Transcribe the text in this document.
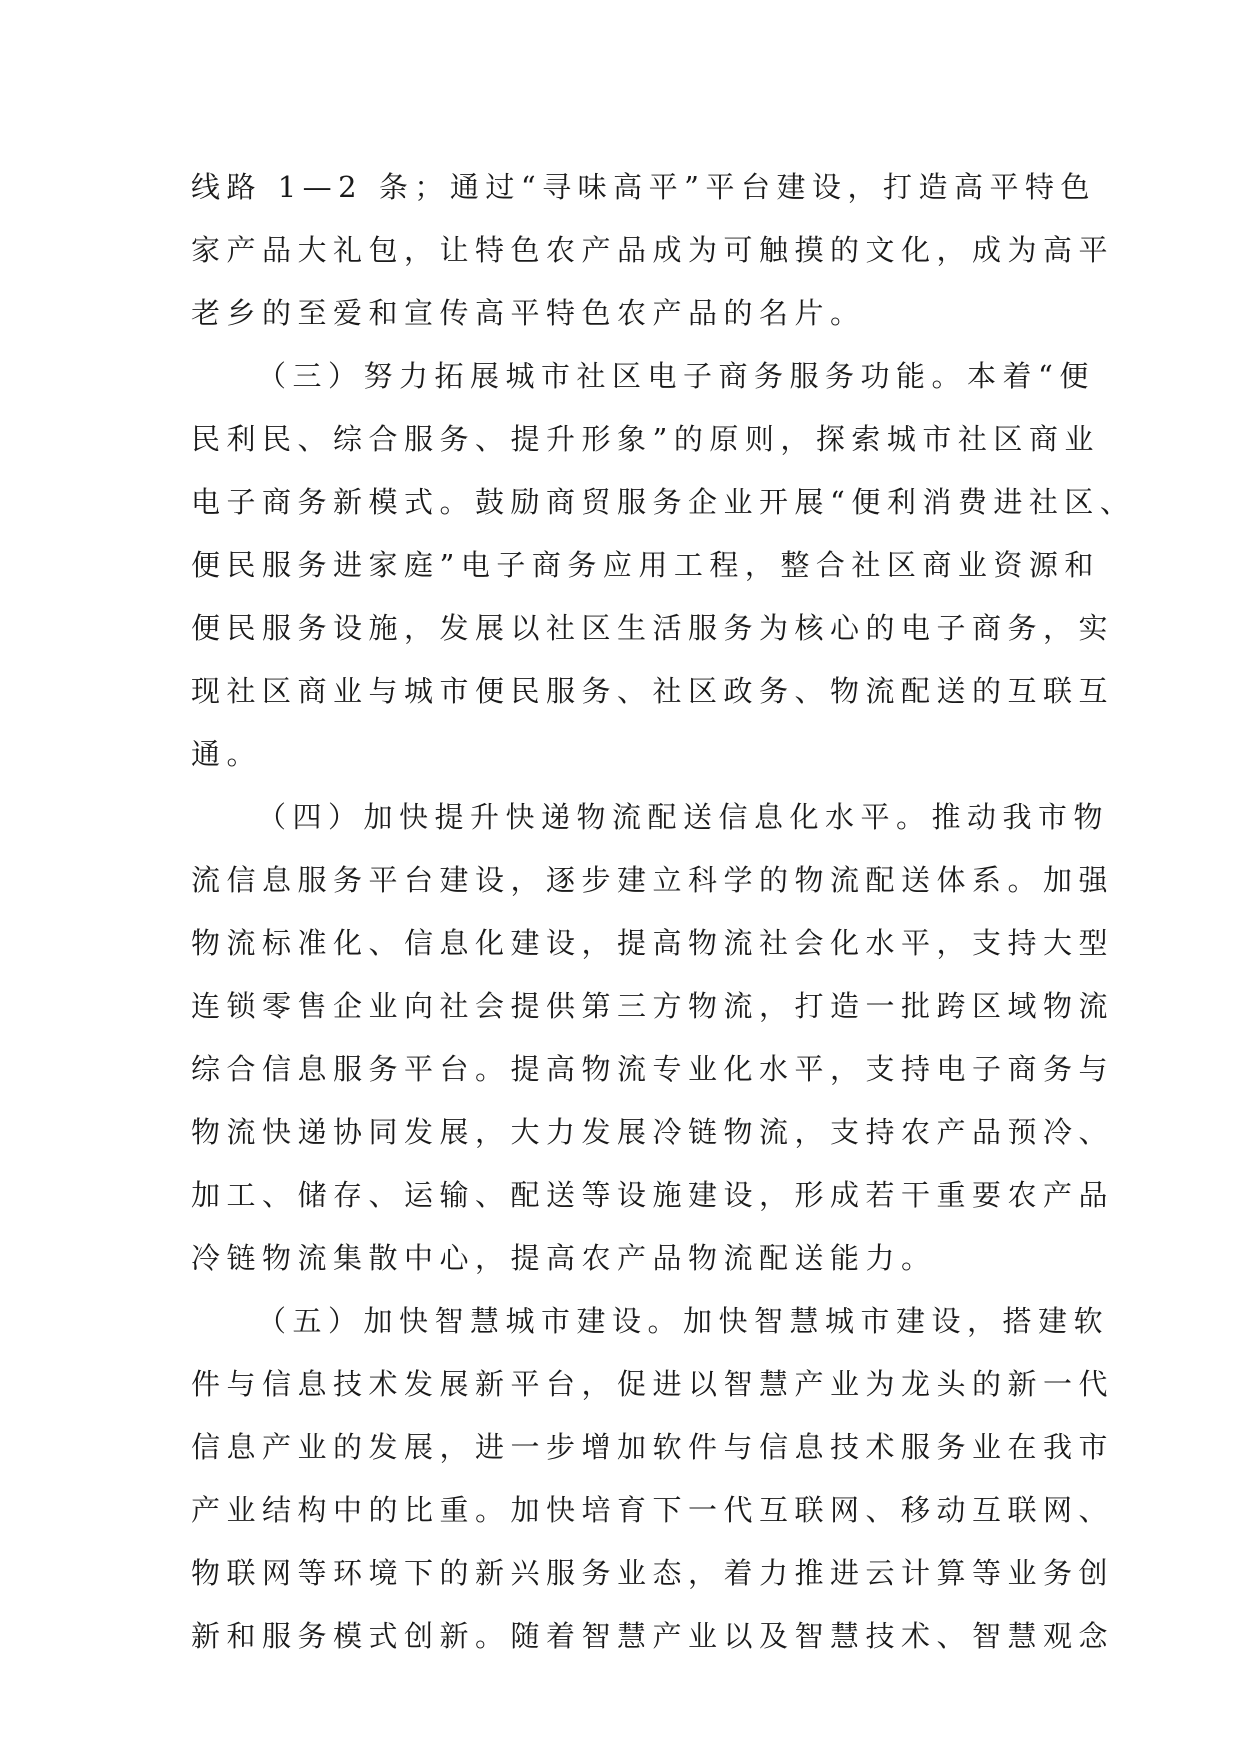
线路 1—2 条；通过“寻味高平”平台建设，打造高平特色
家产品大礼包，让特色农产品成为可触摸的文化，成为高平
老乡的至爱和宣传高平特色农产品的名片。
（三）努力拓展城市社区电子商务服务功能。本着“便
民利民、综合服务、提升形象”的原则，探索城市社区商业
电子商务新模式。鼓励商贸服务企业开展“便利消费进社区、
便民服务进家庭”电子商务应用工程，整合社区商业资源和
便民服务设施，发展以社区生活服务为核心的电子商务，实
现社区商业与城市便民服务、社区政务、物流配送的互联互
通。
（四）加快提升快递物流配送信息化水平。推动我市物
流信息服务平台建设，逐步建立科学的物流配送体系。加强
物流标准化、信息化建设，提高物流社会化水平，支持大型
连锁零售企业向社会提供第三方物流，打造一批跨区域物流
综合信息服务平台。提高物流专业化水平，支持电子商务与
物流快递协同发展，大力发展冷链物流，支持农产品预冷、
加工、储存、运输、配送等设施建设，形成若干重要农产品
冷链物流集散中心，提高农产品物流配送能力。
（五）加快智慧城市建设。加快智慧城市建设，搭建软
件与信息技术发展新平台，促进以智慧产业为龙头的新一代
信息产业的发展，进一步增加软件与信息技术服务业在我市
产业结构中的比重。加快培育下一代互联网、移动互联网、
物联网等环境下的新兴服务业态，着力推进云计算等业务创
新和服务模式创新。随着智慧产业以及智慧技术、智慧观念
